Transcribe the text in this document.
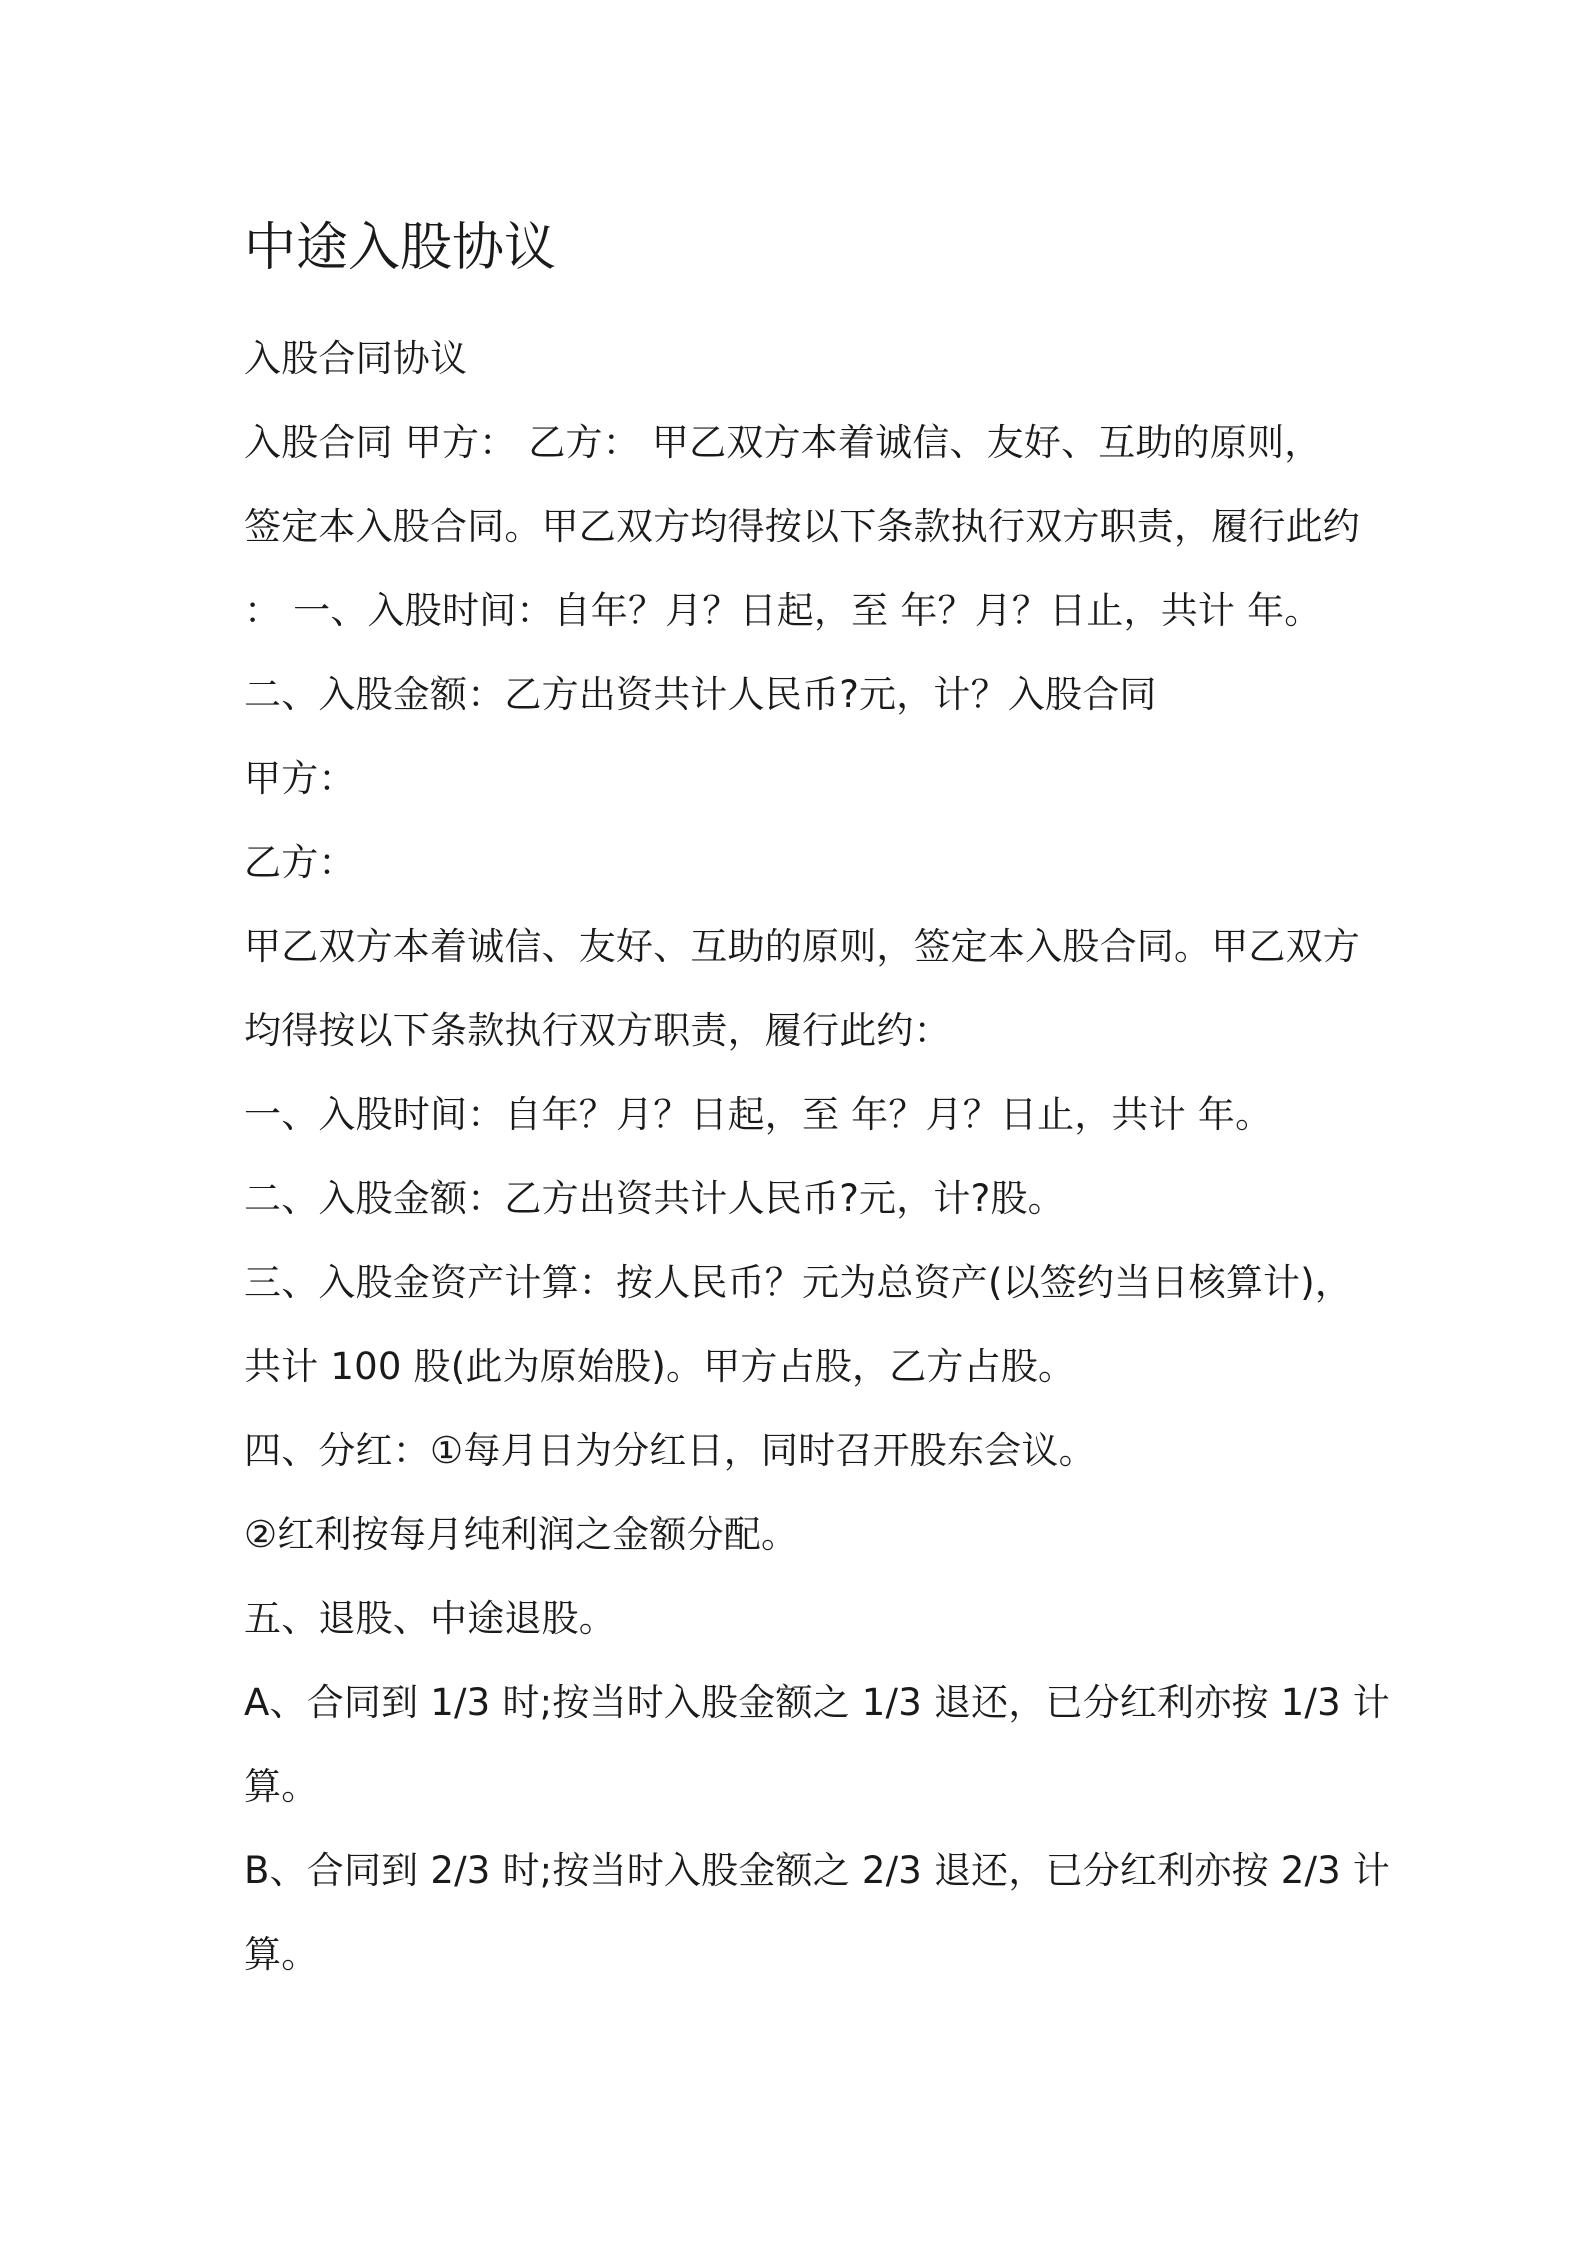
中途入股协议
入股合同协议
入股合同 甲方： 乙方： 甲乙双方本着诚信、友好、互助的原则，
签定本入股合同。甲乙双方均得按以下条款执行双方职责，履行此约
： 一、入股时间：自年？月？日起，至 年？月？日止，共计 年。
二、入股金额：乙方出资共计人民币?元，计？入股合同
甲方：
乙方：
甲乙双方本着诚信、友好、互助的原则，签定本入股合同。甲乙双方
均得按以下条款执行双方职责，履行此约：
一、入股时间：自年？月？日起，至 年？月？日止，共计 年。
二、入股金额：乙方出资共计人民币?元，计?股。
三、入股金资产计算：按人民币？元为总资产(以签约当日核算计)，
共计 100 股(此为原始股)。甲方占股，乙方占股。
四、分红：①每月日为分红日，同时召开股东会议。
②红利按每月纯利润之金额分配。
五、退股、中途退股。
A、合同到 1/3 时;按当时入股金额之 1/3 退还，已分红利亦按 1/3 计
算。
B、合同到 2/3 时;按当时入股金额之 2/3 退还，已分红利亦按 2/3 计
算。
